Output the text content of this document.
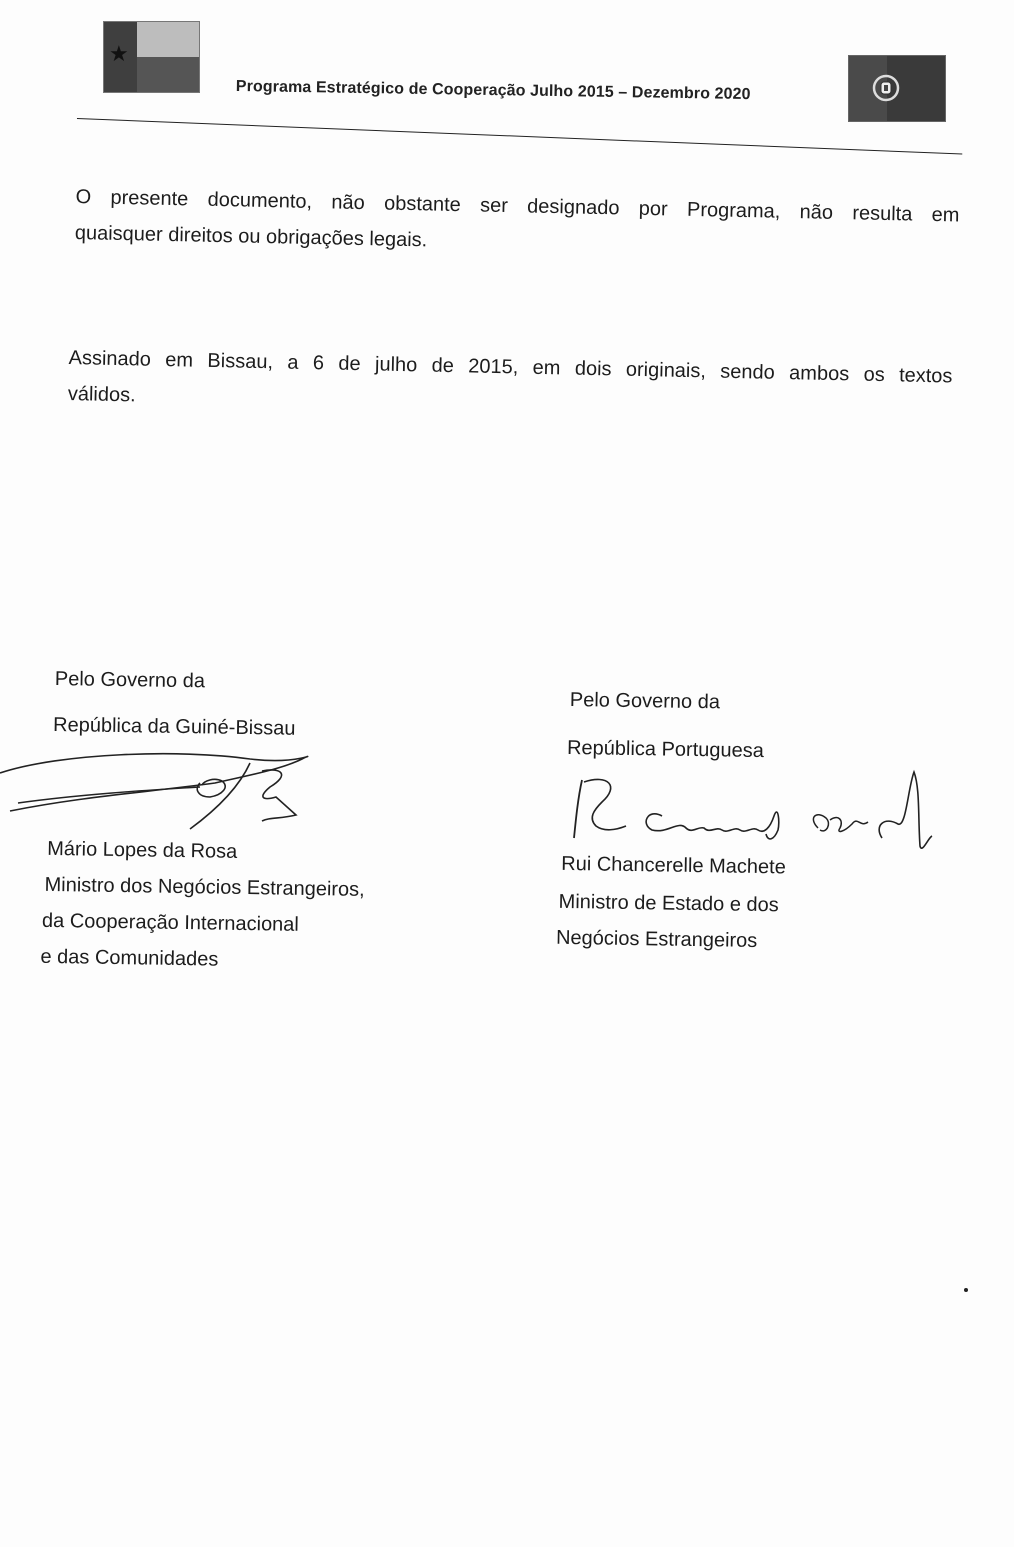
★
Programa Estratégico de Cooperação Julho 2015 – Dezembro 2020
O presente documento, não obstante ser designado por Programa, não resulta em
quaisquer direitos ou obrigações legais.
Assinado em Bissau, a 6 de julho de 2015, em dois originais, sendo ambos os textos
válidos.
Pelo Governo da
República da Guiné-Bissau
Mário Lopes da Rosa
Ministro dos Negócios Estrangeiros,
da Cooperação Internacional
e das Comunidades
Pelo Governo da
República Portuguesa
Rui Chancerelle Machete
Ministro de Estado e dos
Negócios Estrangeiros
